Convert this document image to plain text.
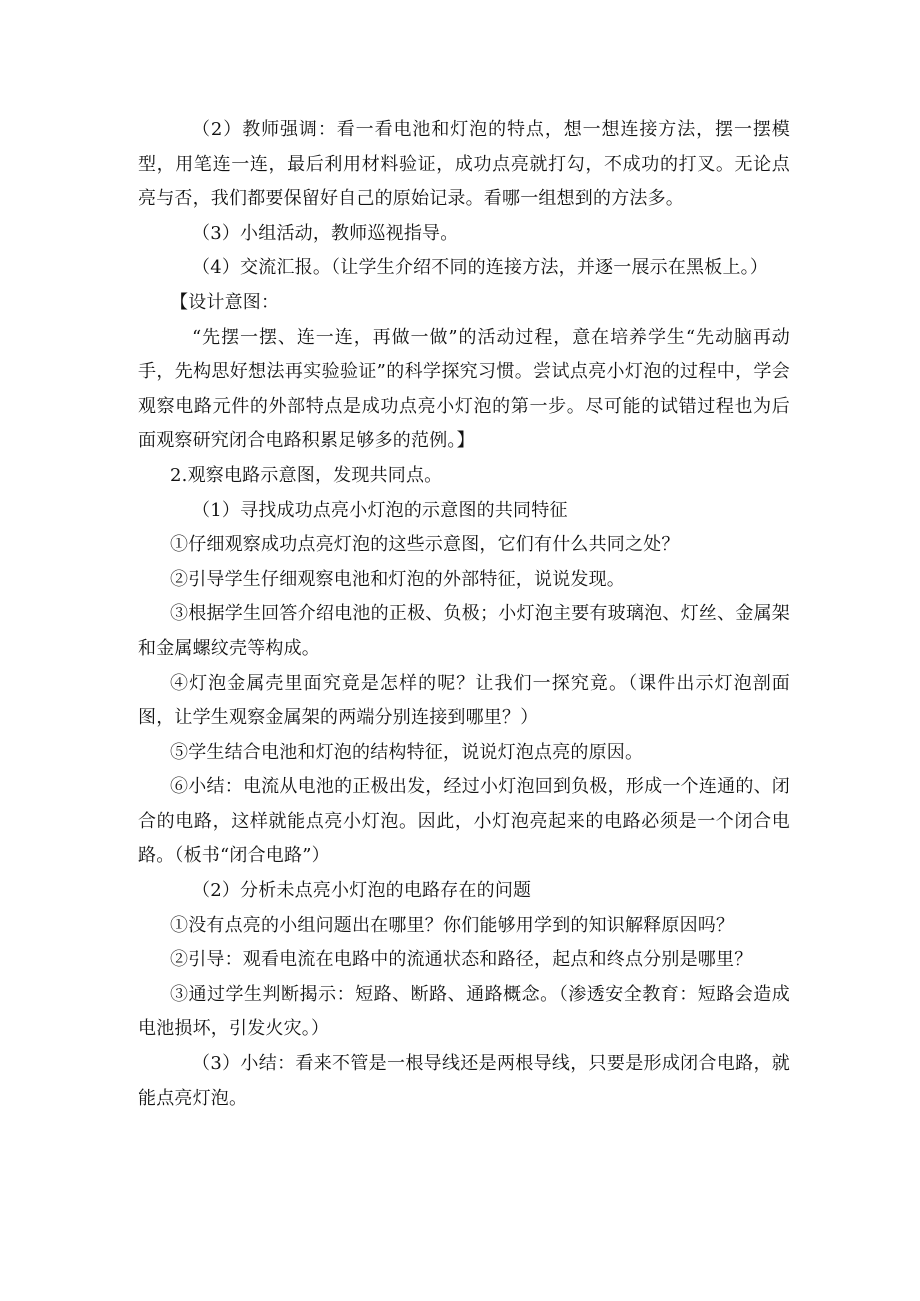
（2）教师强调：看一看电池和灯泡的特点，想一想连接方法，摆一摆模型，用笔连一连，最后利用材料验证，成功点亮就打勾，不成功的打叉。无论点亮与否，我们都要保留好自己的原始记录。看哪一组想到的方法多。

（3）小组活动，教师巡视指导。

（4）交流汇报。（让学生介绍不同的连接方法，并逐一展示在黑板上。）

【设计意图：

“先摆一摆、连一连，再做一做”的活动过程，意在培养学生“先动脑再动手，先构思好想法再实验验证”的科学探究习惯。尝试点亮小灯泡的过程中，学会观察电路元件的外部特点是成功点亮小灯泡的第一步。尽可能的试错过程也为后面观察研究闭合电路积累足够多的范例。】

2.观察电路示意图，发现共同点。

（1）寻找成功点亮小灯泡的示意图的共同特征

①仔细观察成功点亮灯泡的这些示意图，它们有什么共同之处？

②引导学生仔细观察电池和灯泡的外部特征，说说发现。

③根据学生回答介绍电池的正极、负极；小灯泡主要有玻璃泡、灯丝、金属架和金属螺纹壳等构成。

④灯泡金属壳里面究竟是怎样的呢？让我们一探究竟。（课件出示灯泡剖面图，让学生观察金属架的两端分别连接到哪里？）

⑤学生结合电池和灯泡的结构特征，说说灯泡点亮的原因。

⑥小结：电流从电池的正极出发，经过小灯泡回到负极，形成一个连通的、闭合的电路，这样就能点亮小灯泡。因此，小灯泡亮起来的电路必须是一个闭合电路。（板书“闭合电路”）

（2）分析未点亮小灯泡的电路存在的问题

①没有点亮的小组问题出在哪里？你们能够用学到的知识解释原因吗？

②引导：观看电流在电路中的流通状态和路径，起点和终点分别是哪里？

③通过学生判断揭示：短路、断路、通路概念。（渗透安全教育：短路会造成电池损坏，引发火灾。）

（3）小结：看来不管是一根导线还是两根导线，只要是形成闭合电路，就能点亮灯泡。
